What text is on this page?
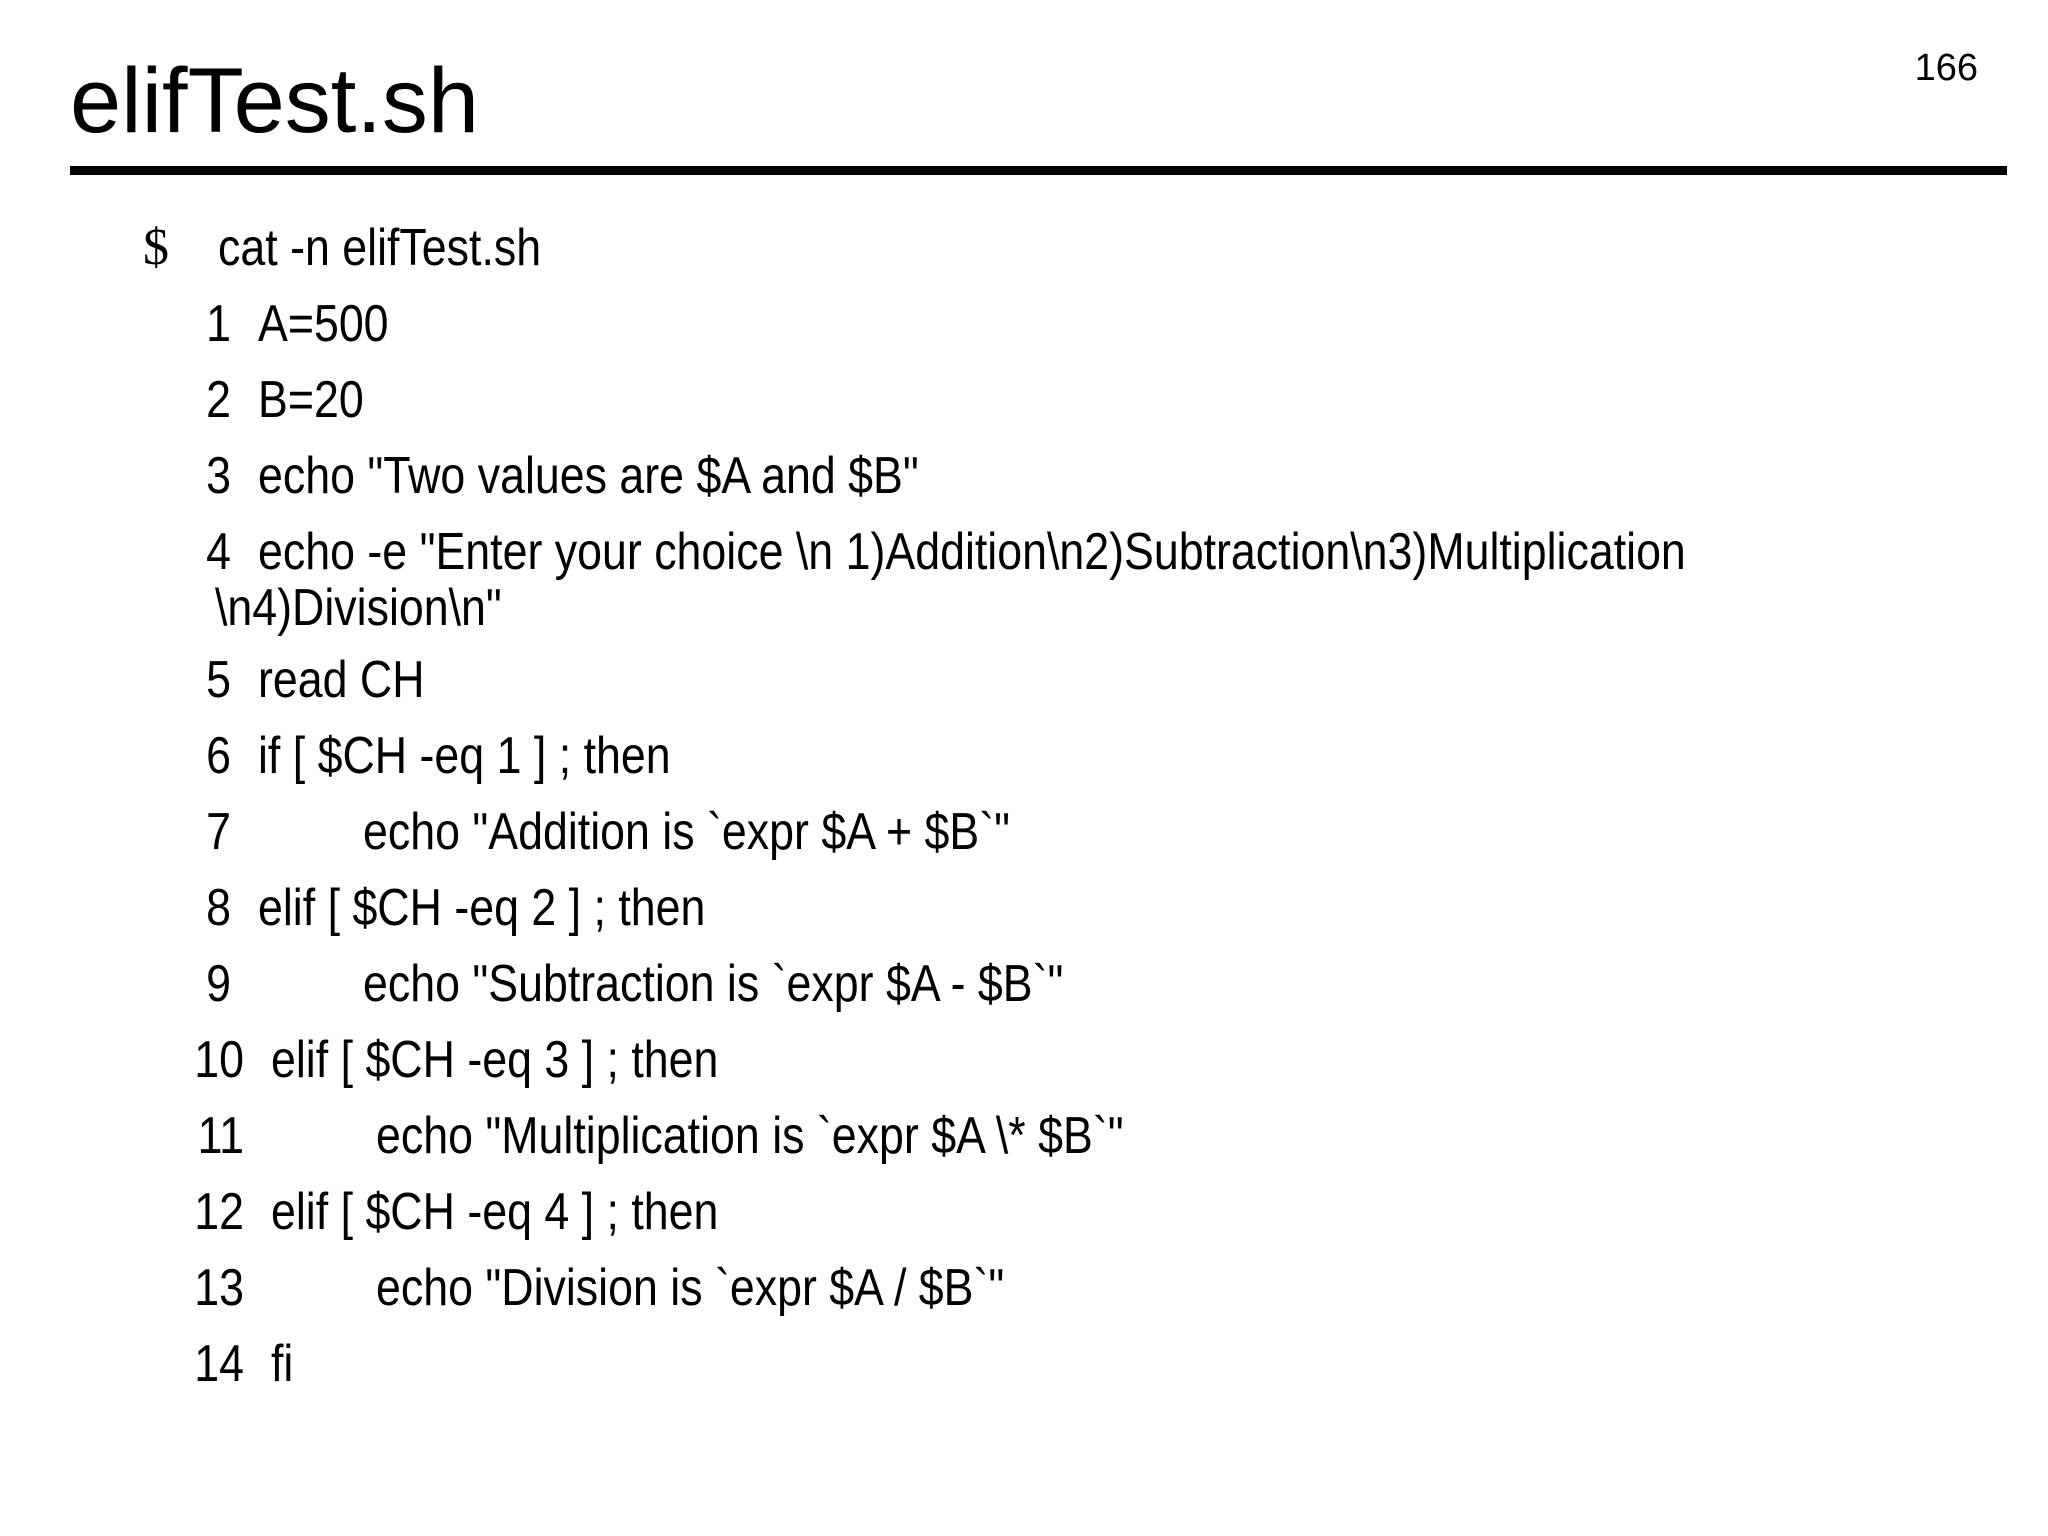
elifTest.sh	166
$ cat -n elifTest.sh
1 A=500
2 B=20
3 echo "Two values are $A and $B"
4 echo -e "Enter your choice \n 1)Addition\n2)Subtraction\n3)Multiplication
\n4)Division\n"
5 read CH
6 if [ $CH -eq 1 ] ; then
7	echo "Addition is `expr $A + $B`"
8 elif [ $CH -eq 2 ] ; then
9	echo "Subtraction is `expr $A - $B`"
10 elif [ $CH -eq 3 ] ; then
11	echo "Multiplication is `expr $A \* $B`"
12 elif [ $CH -eq 4 ] ; then
13	echo "Division is `expr $A / $B`"
14 fi
